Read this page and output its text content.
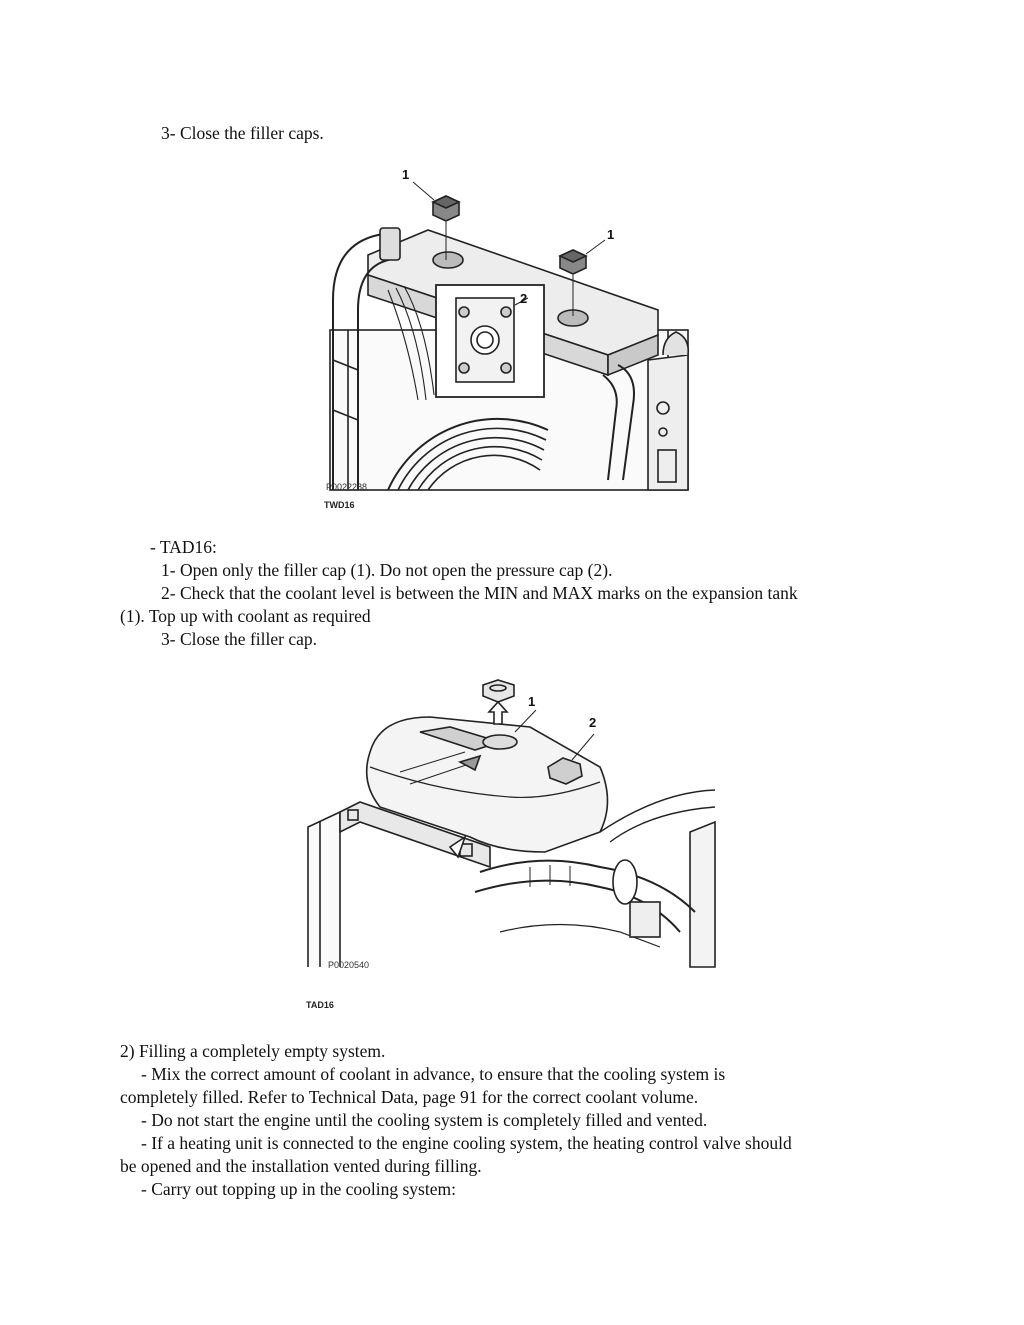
3- Close the filler caps.
1
1
2
P0022288
TWD16
- TAD16:
1- Open only the filler cap (1). Do not open the pressure cap (2).
2- Check that the coolant level is between the MIN and MAX marks on the expansion tank
(1). Top up with coolant as required
3- Close the filler cap.
1
2
P0020540
TAD16
2) Filling a completely empty system.
- Mix the correct amount of coolant in advance, to ensure that the cooling system is
completely filled. Refer to Technical Data, page 91 for the correct coolant volume.
- Do not start the engine until the cooling system is completely filled and vented.
- If a heating unit is connected to the engine cooling system, the heating control valve should
be opened and the installation vented during filling.
- Carry out topping up in the cooling system:
